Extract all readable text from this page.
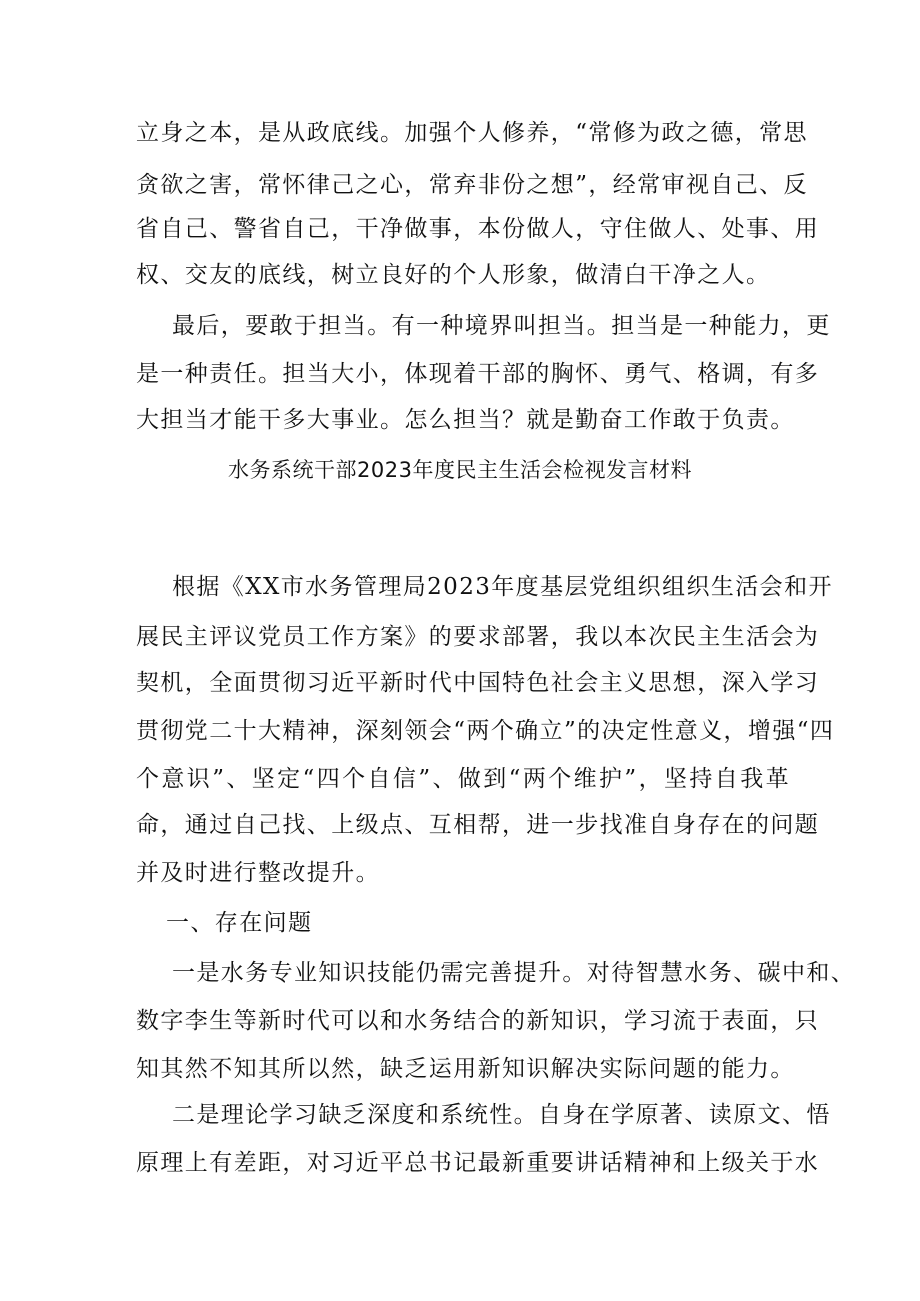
立身之本，是从政底线。加强个人修养，“常修为政之德，常思
贪欲之害，常怀律己之心，常弃非份之想”，经常审视自己、反
省自己、警省自己，干净做事，本份做人，守住做人、处事、用
权、交友的底线，树立良好的个人形象，做清白干净之人。
最后，要敢于担当。有一种境界叫担当。担当是一种能力，更
是一种责任。担当大小，体现着干部的胸怀、勇气、格调，有多
大担当才能干多大事业。怎么担当？就是勤奋工作敢于负责。
水务系统干部2023年度民主生活会检视发言材料
根据《XX市水务管理局2023年度基层党组织组织生活会和开
展民主评议党员工作方案》的要求部署，我以本次民主生活会为
契机，全面贯彻习近平新时代中国特色社会主义思想，深入学习
贯彻党二十大精神，深刻领会“两个确立”的决定性意义，增强“四
个意识”、坚定“四个自信”、做到“两个维护”，坚持自我革
命，通过自己找、上级点、互相帮，进一步找准自身存在的问题
并及时进行整改提升。
一、存在问题
一是水务专业知识技能仍需完善提升。对待智慧水务、碳中和、
数字李生等新时代可以和水务结合的新知识，学习流于表面，只
知其然不知其所以然，缺乏运用新知识解决实际问题的能力。
二是理论学习缺乏深度和系统性。自身在学原著、读原文、悟
原理上有差距，对习近平总书记最新重要讲话精神和上级关于水
